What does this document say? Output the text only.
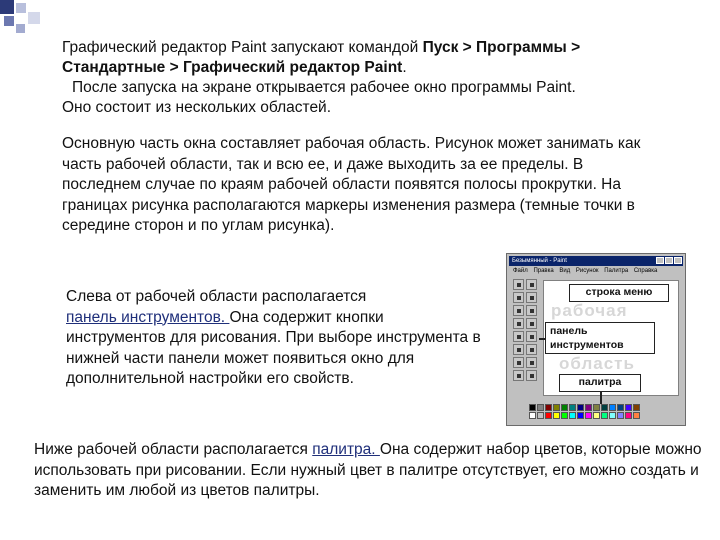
Графический редактор Paint запускают командой Пуск > Программы >
Стандартные > Графический редактор Paint.
После запуска на экране открывается рабочее окно программы Paint.
Оно состоит из нескольких областей.
Основную часть окна составляет рабочая область. Рисунок может занимать как часть рабочей области, так и всю ее, и даже выходить за ее пределы. В последнем случае по краям рабочей области появятся полосы прокрутки. На границах рисунка располагаются маркеры изменения размера (темные точки в середине сторон и по углам рисунка).
Слева от рабочей области располагается
панель инструментов. Она содержит кнопки инструментов для рисования. При выборе инструмента в нижней части панели может появиться окно для дополнительной настройки его свойств.
Ниже рабочей области располагается палитра. Она содержит набор цветов, которые можно использовать при рисовании. Если нужный цвет в палитре отсутствует, его можно создать и заменить им любой из цветов палитры.
Безымянный - Paint
Файл Правка Вид Рисунок Палитра Справка
строка меню
рабочая
панель
инструментов
область
палитра
